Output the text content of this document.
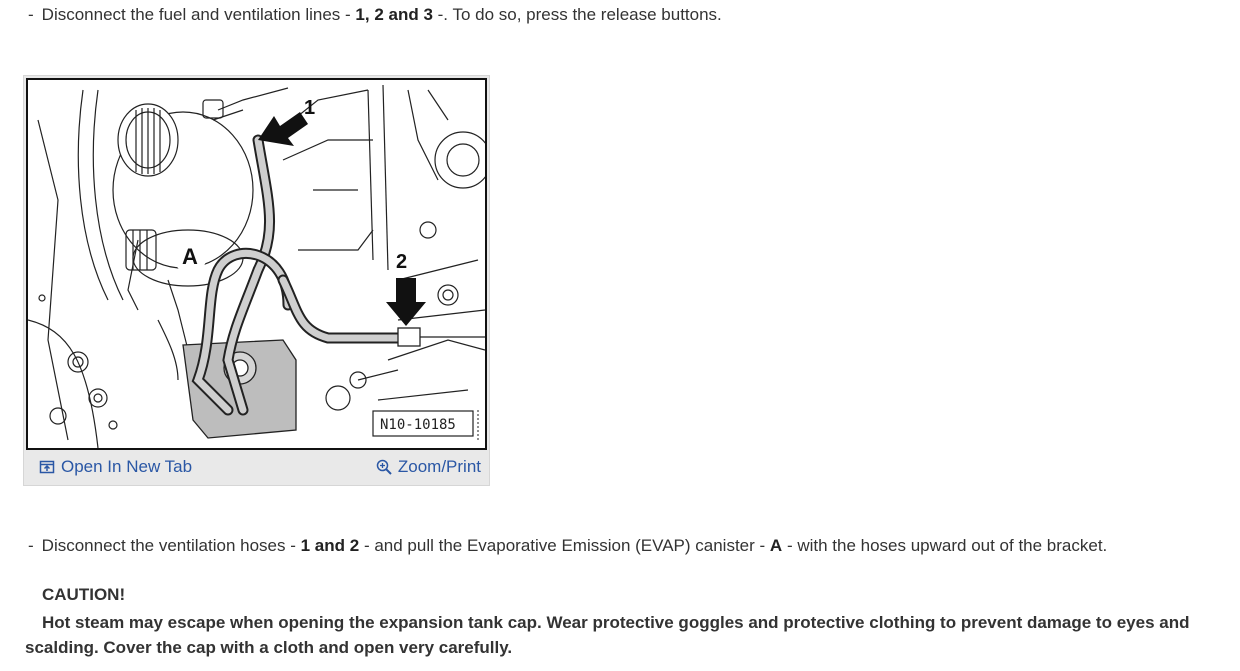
- Disconnect the fuel and ventilation lines - 1, 2 and 3 -. To do so, press the release buttons.
1
2
A
N10-10185
Open In New Tab	Zoom/Print
- Disconnect the ventilation hoses - 1 and 2 - and pull the Evaporative Emission (EVAP) canister - A - with the hoses upward out of the bracket.
CAUTION!
Hot steam may escape when opening the expansion tank cap. Wear protective goggles and protective clothing to prevent damage to eyes and scalding. Cover the cap with a cloth and open very carefully.
